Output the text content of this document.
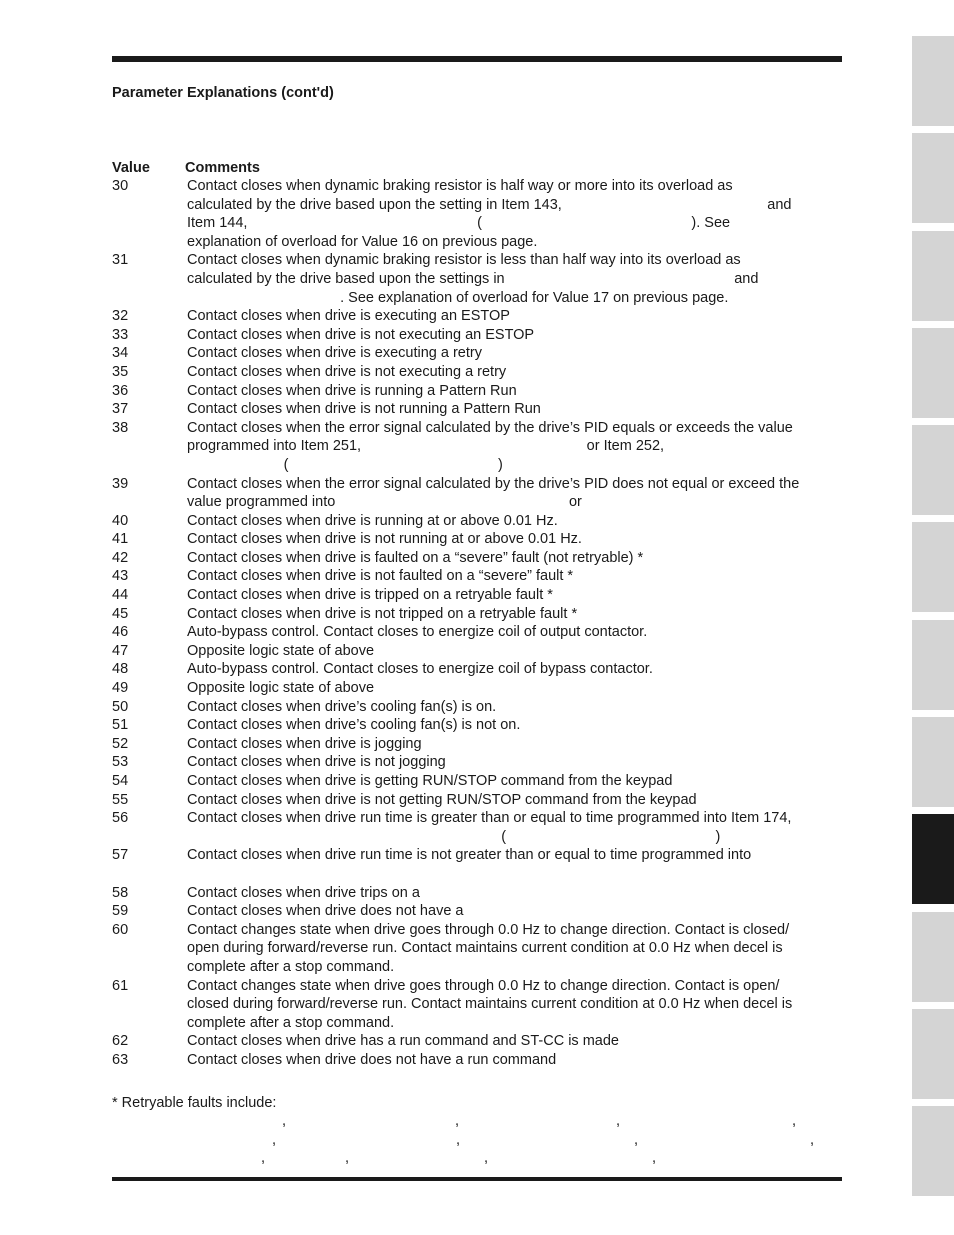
Parameter Explanations (cont'd)
Value Comments
30	Contact closes when dynamic braking resistor is half way or more into its overload as
calculated by the drive based upon the setting in Item 143,                                                   and
Item 144,                                                         (                                                    ). See
explanation of overload for Value 16 on previous page.
31	Contact closes when dynamic braking resistor is less than half way into its overload as
calculated by the drive based upon the settings in                                                         and
. See explanation of overload for Value 17 on previous page.
32	Contact closes when drive is executing an ESTOP
33	Contact closes when drive is not executing an ESTOP
34	Contact closes when drive is executing a retry
35	Contact closes when drive is not executing a retry
36	Contact closes when drive is running a Pattern Run
37	Contact closes when drive is not running a Pattern Run
38	Contact closes when the error signal calculated by the drive’s PID equals or exceeds the value
programmed into Item 251,                                                        or Item 252,
(                                                    )
39	Contact closes when the error signal calculated by the drive’s PID does not equal or exceed the
value programmed into                                                          or
40	Contact closes when drive is running at or above 0.01 Hz.
41	Contact closes when drive is not running at or above 0.01 Hz.
42	Contact closes when drive is faulted on a “severe” fault (not retryable) *
43	Contact closes when drive is not faulted on a “severe” fault *
44	Contact closes when drive is tripped on a retryable fault *
45	Contact closes when drive is not tripped on a retryable fault *
46	Auto-bypass control. Contact closes to energize coil of output contactor.
47	Opposite logic state of above
48	Auto-bypass control. Contact closes to energize coil of bypass contactor.
49	Opposite logic state of above
50	Contact closes when drive’s cooling fan(s) is on.
51	Contact closes when drive’s cooling fan(s) is not on.
52	Contact closes when drive is jogging
53	Contact closes when drive is not jogging
54	Contact closes when drive is getting RUN/STOP command from the keypad
55	Contact closes when drive is not getting RUN/STOP command from the keypad
56	Contact closes when drive run time is greater than or equal to time programmed into Item 174,
(                                                    )
57	Contact closes when drive run time is not greater than or equal to time programmed into

58	Contact closes when drive trips on a
59	Contact closes when drive does not have a
60	Contact changes state when drive goes through 0.0 Hz to change direction. Contact is closed/
open during forward/reverse run. Contact maintains current condition at 0.0 Hz when decel is
complete after a stop command.
61	Contact changes state when drive goes through 0.0 Hz to change direction. Contact is open/
closed during forward/reverse run. Contact maintains current condition at 0.0 Hz when decel is
complete after a stop command.
62	Contact closes when drive has a run command and ST-CC is made
63	Contact closes when drive does not have a run command
* Retryable faults include:
,	,	,	,
,	,	,	,
,	,	,	,
